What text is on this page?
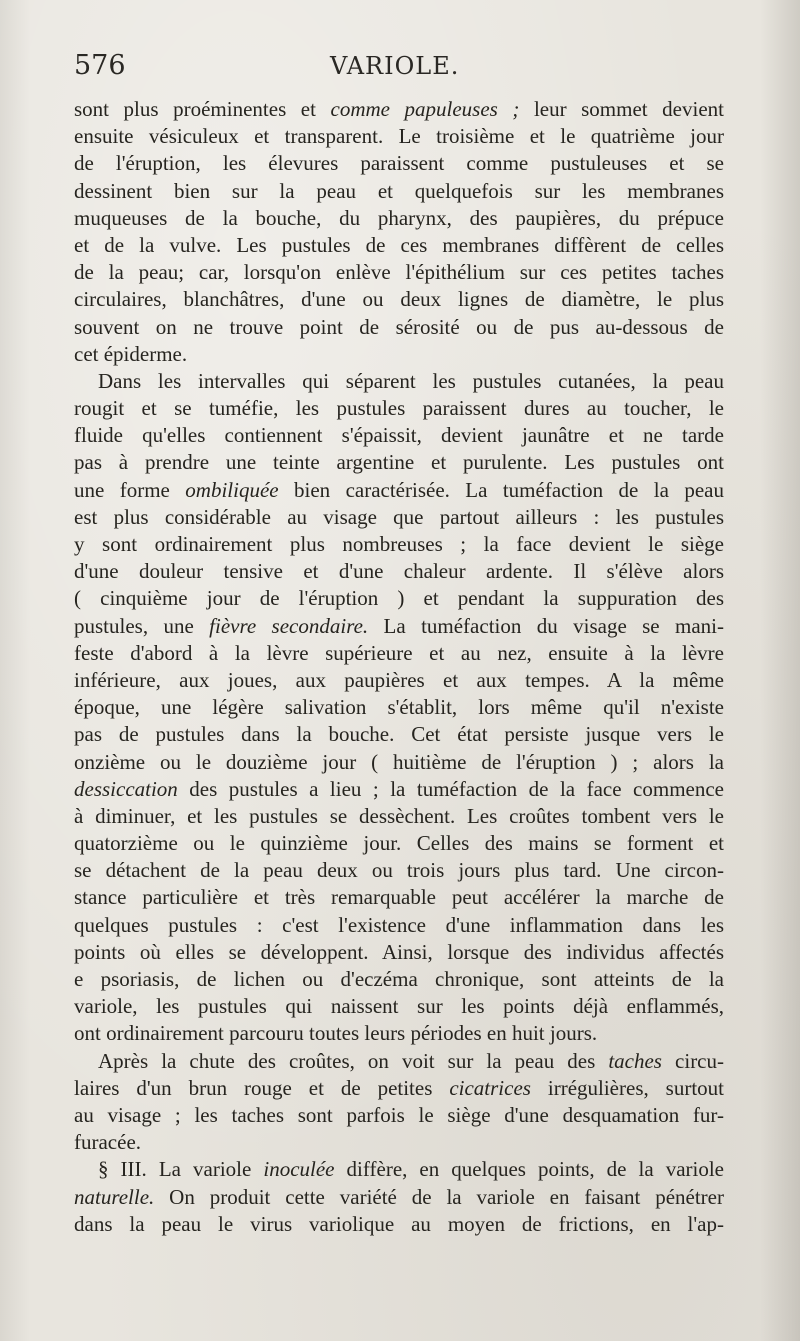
576	VARIOLE.
sont plus proéminentes et comme papuleuses ; leur sommet devient
ensuite vésiculeux et transparent. Le troisième et le quatrième jour
de l'éruption, les élevures paraissent comme pustuleuses et se
dessinent bien sur la peau et quelquefois sur les membranes
muqueuses de la bouche, du pharynx, des paupières, du prépuce
et de la vulve. Les pustules de ces membranes diffèrent de celles
de la peau; car, lorsqu'on enlève l'épithélium sur ces petites taches
circulaires, blanchâtres, d'une ou deux lignes de diamètre, le plus
souvent on ne trouve point de sérosité ou de pus au-dessous de
cet épiderme.
Dans les intervalles qui séparent les pustules cutanées, la peau
rougit et se tuméfie, les pustules paraissent dures au toucher, le
fluide qu'elles contiennent s'épaissit, devient jaunâtre et ne tarde
pas à prendre une teinte argentine et purulente. Les pustules ont
une forme ombiliquée bien caractérisée. La tuméfaction de la peau
est plus considérable au visage que partout ailleurs : les pustules
y sont ordinairement plus nombreuses ; la face devient le siège
d'une douleur tensive et d'une chaleur ardente. Il s'élève alors
( cinquième jour de l'éruption ) et pendant la suppuration des
pustules, une fièvre secondaire. La tuméfaction du visage se mani-
feste d'abord à la lèvre supérieure et au nez, ensuite à la lèvre
inférieure, aux joues, aux paupières et aux tempes. A la même
époque, une légère salivation s'établit, lors même qu'il n'existe
pas de pustules dans la bouche. Cet état persiste jusque vers le
onzième ou le douzième jour ( huitième de l'éruption ) ; alors la
dessiccation des pustules a lieu ; la tuméfaction de la face commence
à diminuer, et les pustules se dessèchent. Les croûtes tombent vers le
quatorzième ou le quinzième jour. Celles des mains se forment et
se détachent de la peau deux ou trois jours plus tard. Une circon-
stance particulière et très remarquable peut accélérer la marche de
quelques pustules : c'est l'existence d'une inflammation dans les
points où elles se développent. Ainsi, lorsque des individus affectés
e psoriasis, de lichen ou d'eczéma chronique, sont atteints de la
variole, les pustules qui naissent sur les points déjà enflammés,
ont ordinairement parcouru toutes leurs périodes en huit jours.
Après la chute des croûtes, on voit sur la peau des taches circu-
laires d'un brun rouge et de petites cicatrices irrégulières, surtout
au visage ; les taches sont parfois le siège d'une desquamation fur-
furacée.
§ III. La variole inoculée diffère, en quelques points, de la variole
naturelle. On produit cette variété de la variole en faisant pénétrer
dans la peau le virus variolique au moyen de frictions, en l'ap-
